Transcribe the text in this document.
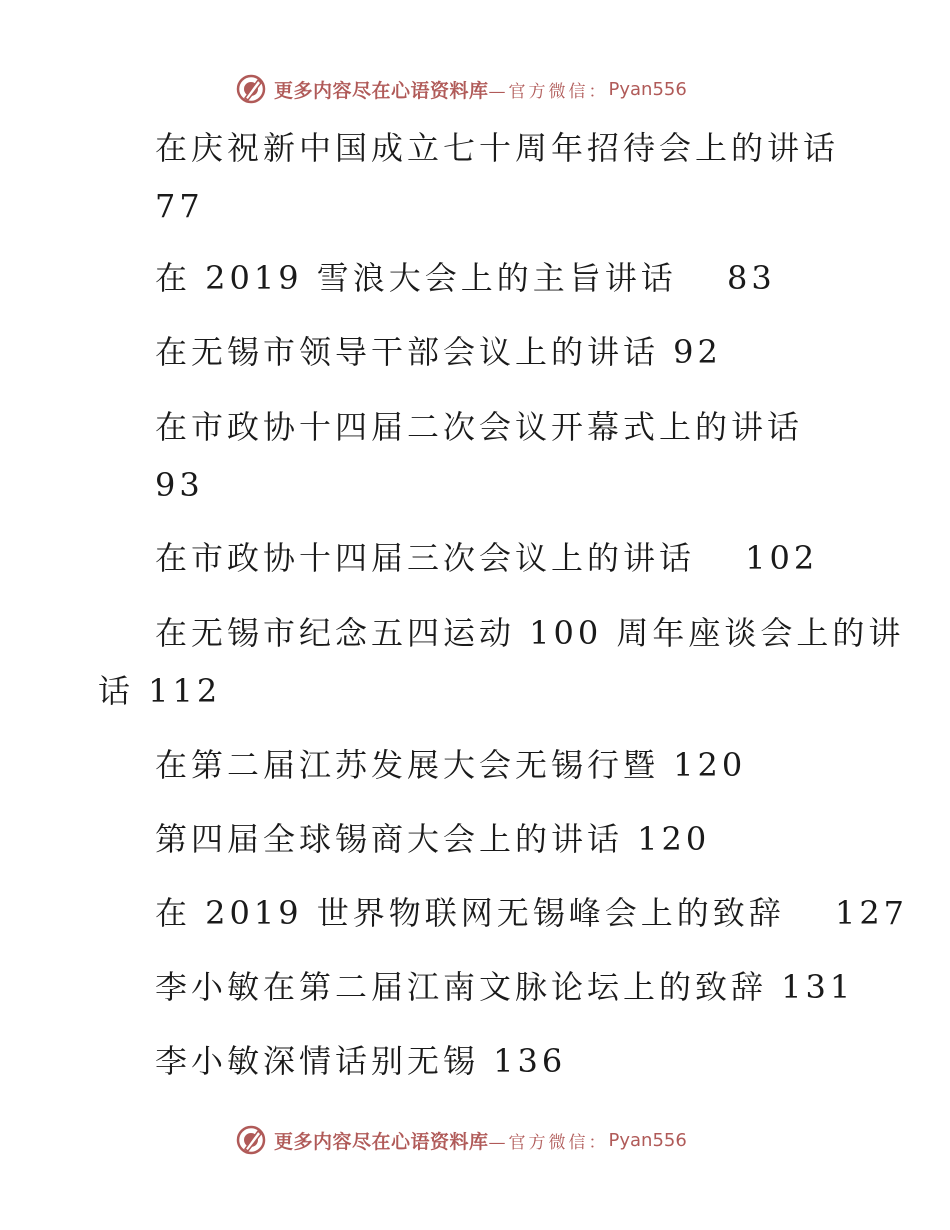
更多内容尽在心语资料库 —官方微信： Pyan556
在庆祝新中国成立七十周年招待会上的讲话
77
在 2019 雪浪大会上的主旨讲话　 83
在无锡市领导干部会议上的讲话 92
在市政协十四届二次会议开幕式上的讲话
93
在市政协十四届三次会议上的讲话　 102
在无锡市纪念五四运动 100 周年座谈会上的讲
话 112
在第二届江苏发展大会无锡行暨 120
第四届全球锡商大会上的讲话 120
在 2019 世界物联网无锡峰会上的致辞　 127
李小敏在第二届江南文脉论坛上的致辞 131
李小敏深情话别无锡 136
更多内容尽在心语资料库 —官方微信： Pyan556
